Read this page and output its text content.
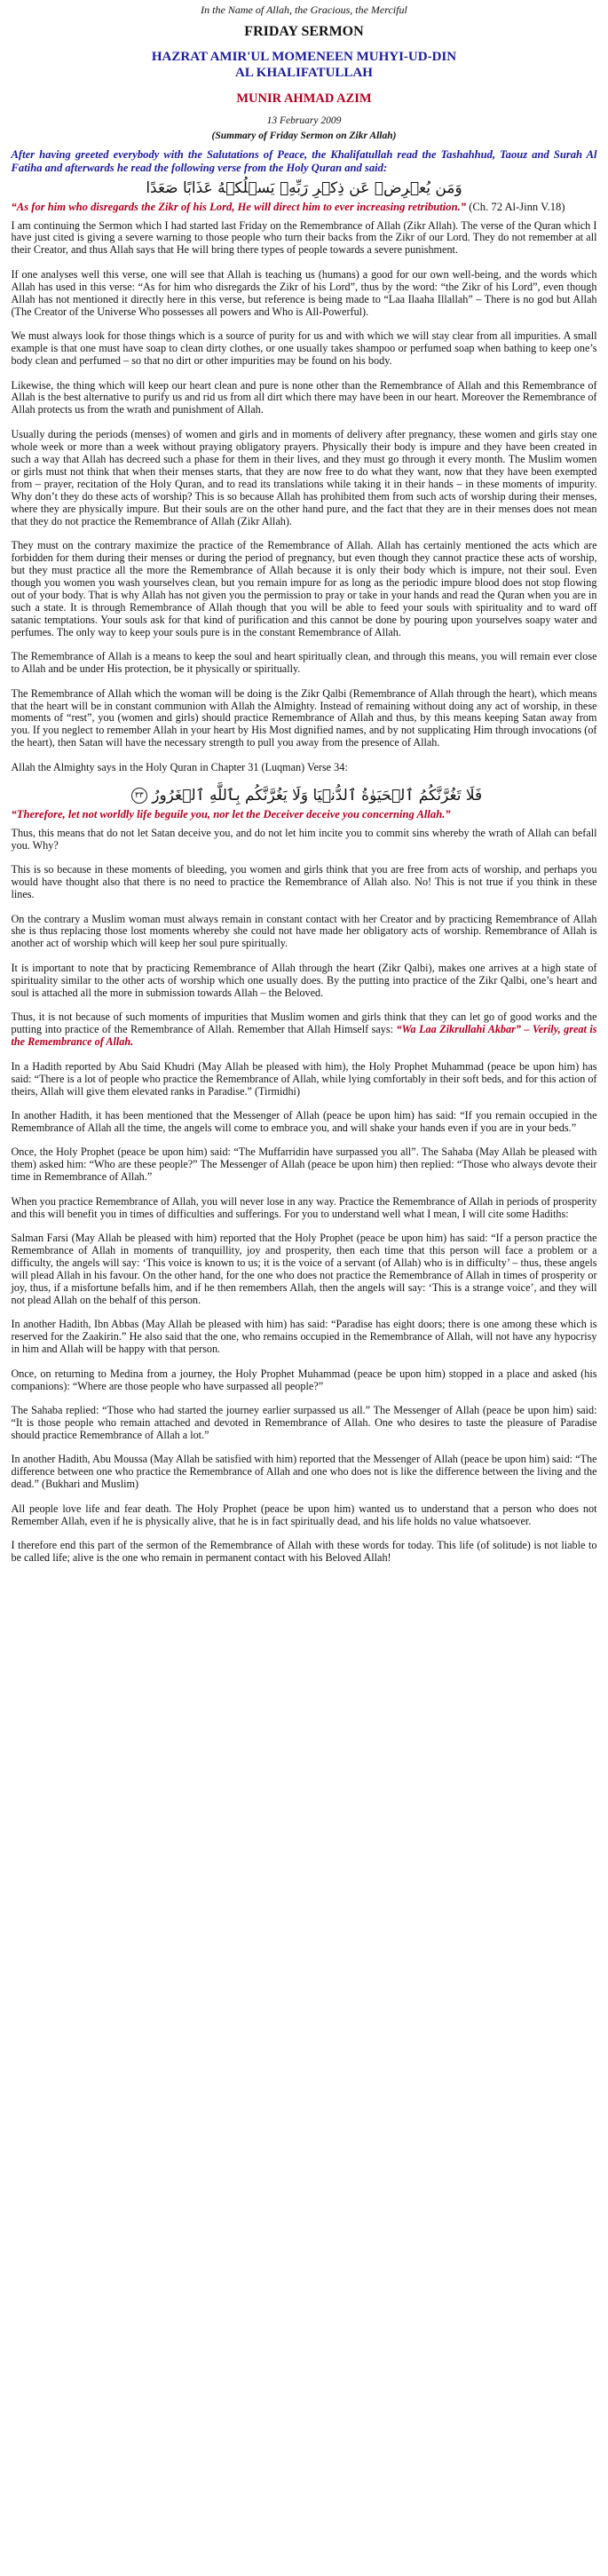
In the Name of Allah, the Gracious, the Merciful
FRIDAY SERMON
HAZRAT AMIR'UL MOMENEEN MUHYI-UD-DIN
AL KHALIFATULLAH
MUNIR AHMAD AZIM
13 February 2009
(Summary of Friday Sermon on Zikr Allah)

After having greeted everybody with the Salutations of Peace, the Khalifatullah read the Tashahhud, Taouz and Surah Al Fatiha and afterwards he read the following verse from the Holy Quran and said:

وَمَن يُعۡرِضۡ عَن ذِكۡرِ رَبِّهِۦ يَسۡلُكۡهُ عَذَابًا صَعَدًا

“As for him who disregards the Zikr of his Lord, He will direct him to ever increasing retribution.” (Ch. 72 Al-Jinn V.18)

I am continuing the Sermon which I had started last Friday on the Remembrance of Allah (Zikr Allah). The verse of the Quran which I have just cited is giving a severe warning to those people who turn their backs from the Zikr of our Lord. They do not remember at all their Creator, and thus Allah says that He will bring there types of people towards a severe punishment.

If one analyses well this verse, one will see that Allah is teaching us (humans) a good for our own well-being, and the words which Allah has used in this verse: “As for him who disregards the Zikr of his Lord”, thus by the word: “the Zikr of his Lord”, even though Allah has not mentioned it directly here in this verse, but reference is being made to “Laa Ilaaha Illallah” – There is no god but Allah (The Creator of the Universe Who possesses all powers and Who is All-Powerful).

We must always look for those things which is a source of purity for us and with which we will stay clear from all impurities. A small example is that one must have soap to clean dirty clothes, or one usually takes shampoo or perfumed soap when bathing to keep one’s body clean and perfumed – so that no dirt or other impurities may be found on his body.

Likewise, the thing which will keep our heart clean and pure is none other than the Remembrance of Allah and this Remembrance of Allah is the best alternative to purify us and rid us from all dirt which there may have been in our heart. Moreover the Remembrance of Allah protects us from the wrath and punishment of Allah.

Usually during the periods (menses) of women and girls and in moments of delivery after pregnancy, these women and girls stay one whole week or more than a week without praying obligatory prayers. Physically their body is impure and they have been created in such a way that Allah has decreed such a phase for them in their lives, and they must go through it every month. The Muslim women or girls must not think that when their menses starts, that they are now free to do what they want, now that they have been exempted from – prayer, recitation of the Holy Quran, and to read its translations while taking it in their hands – in these moments of impurity. Why don’t they do these acts of worship? This is so because Allah has prohibited them from such acts of worship during their menses, where they are physically impure. But their souls are on the other hand pure, and the fact that they are in their menses does not mean that they do not practice the Remembrance of Allah (Zikr Allah).

They must on the contrary maximize the practice of the Remembrance of Allah. Allah has certainly mentioned the acts which are forbidden for them during their menses or during the period of pregnancy, but even though they cannot practice these acts of worship, but they must practice all the more the Remembrance of Allah because it is only their body which is impure, not their soul. Even though you women you wash yourselves clean, but you remain impure for as long as the periodic impure blood does not stop flowing out of your body. That is why Allah has not given you the permission to pray or take in your hands and read the Quran when you are in such a state. It is through Remembrance of Allah though that you will be able to feed your souls with spirituality and to ward off satanic temptations. Your souls ask for that kind of purification and this cannot be done by pouring upon yourselves soapy water and perfumes. The only way to keep your souls pure is in the constant Remembrance of Allah.

The Remembrance of Allah is a means to keep the soul and heart spiritually clean, and through this means, you will remain ever close to Allah and be under His protection, be it physically or spiritually.

The Remembrance of Allah which the woman will be doing is the Zikr Qalbi (Remembrance of Allah through the heart), which means that the heart will be in constant communion with Allah the Almighty. Instead of remaining without doing any act of worship, in these moments of “rest”, you (women and girls) should practice Remembrance of Allah and thus, by this means keeping Satan away from you. If you neglect to remember Allah in your heart by His Most dignified names, and by not supplicating Him through invocations (of the heart), then Satan will have the necessary strength to pull you away from the presence of Allah.

Allah the Almighty says in the Holy Quran in Chapter 31 (Luqman) Verse 34:

فَلَا تَغُرَّنَّكُمُ ٱلۡحَيَوٰةُ ٱلدُّنۡيَا وَلَا يَغُرَّنَّكُم بِٱللَّهِ ٱلۡغَرُورُ ٣٣

“Therefore, let not worldly life beguile you, nor let the Deceiver deceive you concerning Allah.”

Thus, this means that do not let Satan deceive you, and do not let him incite you to commit sins whereby the wrath of Allah can befall you. Why?

This is so because in these moments of bleeding, you women and girls think that you are free from acts of worship, and perhaps you would have thought also that there is no need to practice the Remembrance of Allah also. No! This is not true if you think in these lines.

On the contrary a Muslim woman must always remain in constant contact with her Creator and by practicing Remembrance of Allah she is thus replacing those lost moments whereby she could not have made her obligatory acts of worship. Remembrance of Allah is another act of worship which will keep her soul pure spiritually.

It is important to note that by practicing Remembrance of Allah through the heart (Zikr Qalbi), makes one arrives at a high state of spirituality similar to the other acts of worship which one usually does. By the putting into practice of the Zikr Qalbi, one’s heart and soul is attached all the more in submission towards Allah – the Beloved.

Thus, it is not because of such moments of impurities that Muslim women and girls think that they can let go of good works and the putting into practice of the Remembrance of Allah. Remember that Allah Himself says: “Wa Laa Zikrullahi Akbar” – Verily, great is the Remembrance of Allah.

In a Hadith reported by Abu Said Khudri (May Allah be pleased with him), the Holy Prophet Muhammad (peace be upon him) has said: “There is a lot of people who practice the Remembrance of Allah, while lying comfortably in their soft beds, and for this action of theirs, Allah will give them elevated ranks in Paradise.” (Tirmidhi)

In another Hadith, it has been mentioned that the Messenger of Allah (peace be upon him) has said: “If you remain occupied in the Remembrance of Allah all the time, the angels will come to embrace you, and will shake your hands even if you are in your beds.”

Once, the Holy Prophet (peace be upon him) said: “The Muffarridin have surpassed you all”. The Sahaba (May Allah be pleased with them) asked him: “Who are these people?” The Messenger of Allah (peace be upon him) then replied: “Those who always devote their time in Remembrance of Allah.”

When you practice Remembrance of Allah, you will never lose in any way. Practice the Remembrance of Allah in periods of prosperity and this will benefit you in times of difficulties and sufferings. For you to understand well what I mean, I will cite some Hadiths:

Salman Farsi (May Allah be pleased with him) reported that the Holy Prophet (peace be upon him) has said: “If a person practice the Remembrance of Allah in moments of tranquillity, joy and prosperity, then each time that this person will face a problem or a difficulty, the angels will say: ‘This voice is known to us; it is the voice of a servant (of Allah) who is in difficulty’ – thus, these angels will plead Allah in his favour. On the other hand, for the one who does not practice the Remembrance of Allah in times of prosperity or joy, thus, if a misfortune befalls him, and if he then remembers Allah, then the angels will say: ‘This is a strange voice’, and they will not plead Allah on the behalf of this person.

In another Hadith, Ibn Abbas (May Allah be pleased with him) has said: “Paradise has eight doors; there is one among these which is reserved for the Zaakirin.” He also said that the one, who remains occupied in the Remembrance of Allah, will not have any hypocrisy in him and Allah will be happy with that person.

Once, on returning to Medina from a journey, the Holy Prophet Muhammad (peace be upon him) stopped in a place and asked (his companions): “Where are those people who have surpassed all people?”

The Sahaba replied: “Those who had started the journey earlier surpassed us all.” The Messenger of Allah (peace be upon him) said: “It is those people who remain attached and devoted in Remembrance of Allah. One who desires to taste the pleasure of Paradise should practice Remembrance of Allah a lot.”

In another Hadith, Abu Moussa (May Allah be satisfied with him) reported that the Messenger of Allah (peace be upon him) said: “The difference between one who practice the Remembrance of Allah and one who does not is like the difference between the living and the dead.” (Bukhari and Muslim)

All people love life and fear death. The Holy Prophet (peace be upon him) wanted us to understand that a person who does not Remember Allah, even if he is physically alive, that he is in fact spiritually dead, and his life holds no value whatsoever.

I therefore end this part of the sermon of the Remembrance of Allah with these words for today. This life (of solitude) is not liable to be called life; alive is the one who remain in permanent contact with his Beloved Allah!
